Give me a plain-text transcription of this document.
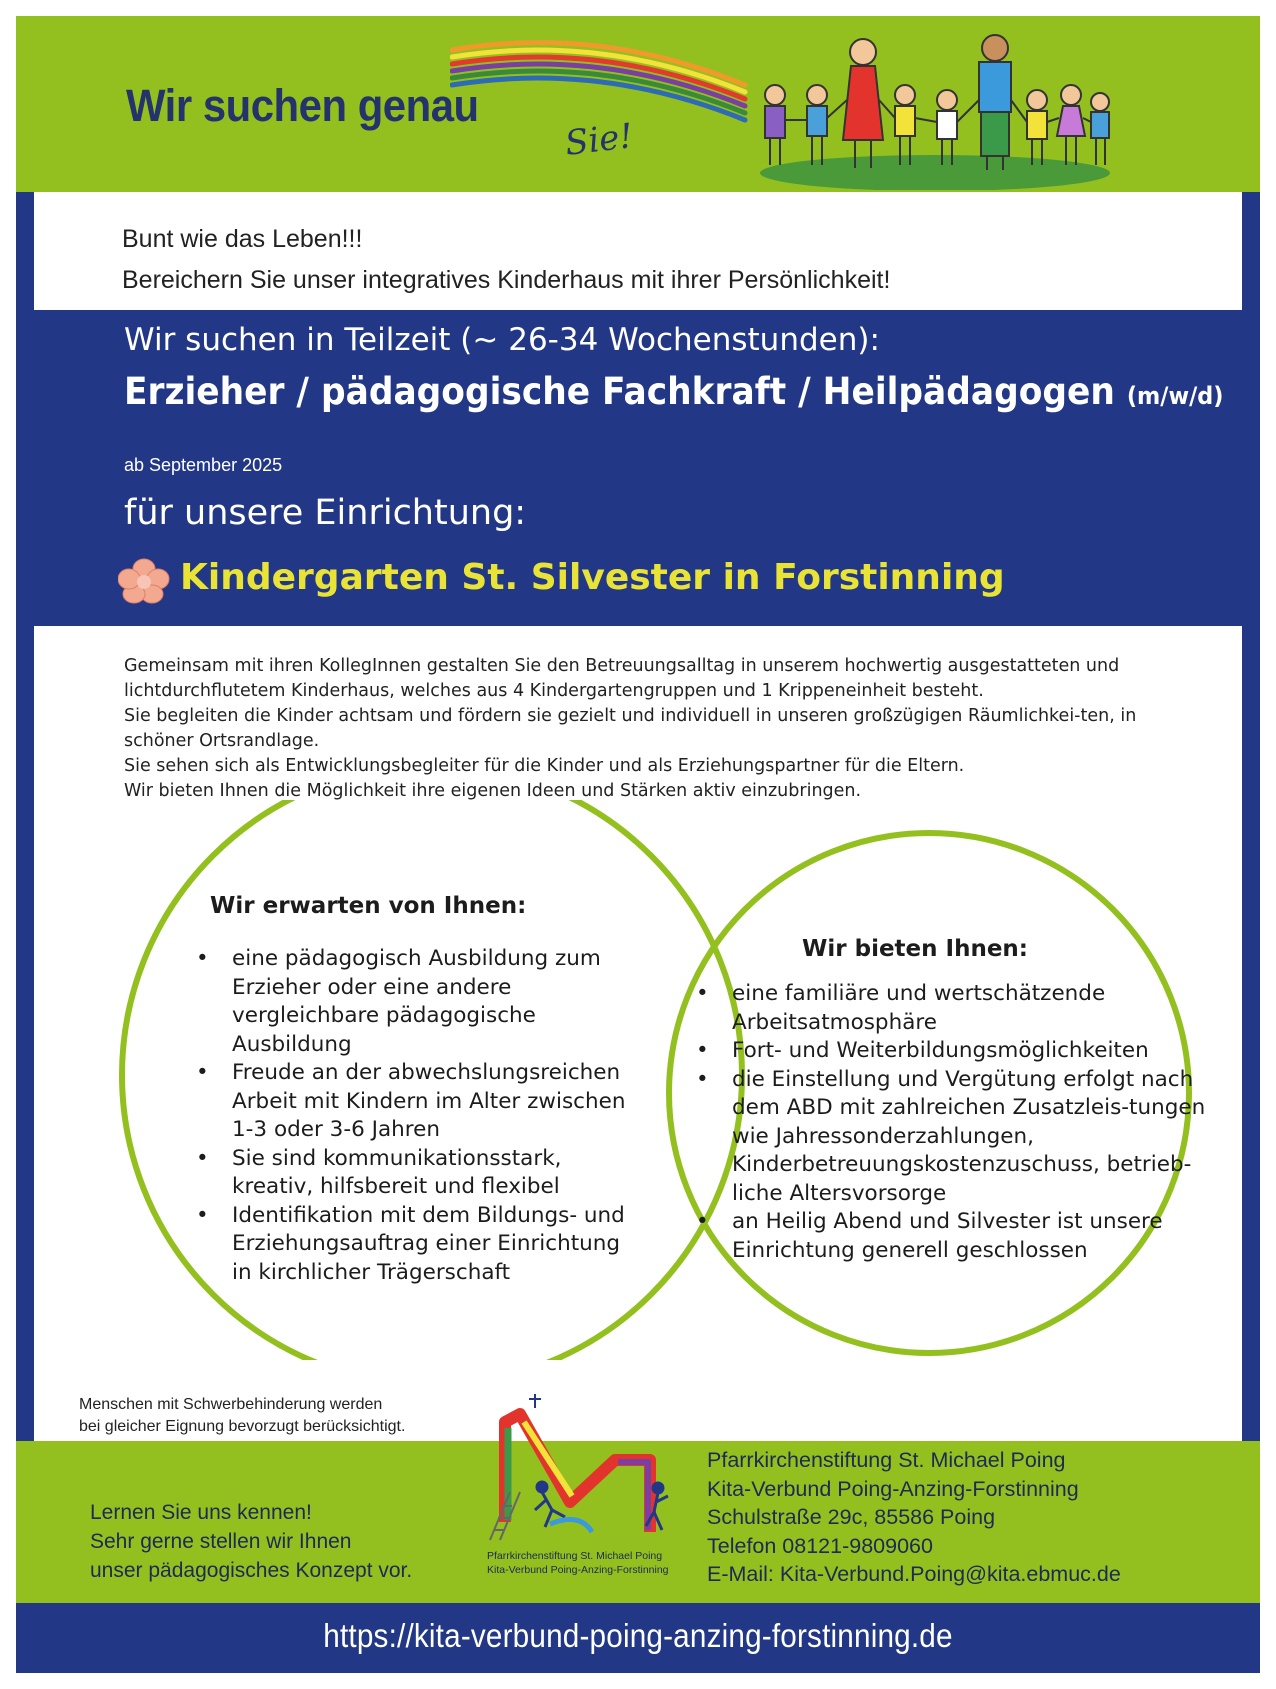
Wir suchen genau
Sie!
Bunt wie das Leben!!!
Bereichern Sie unser integratives Kinderhaus mit ihrer Persönlichkeit!
Wir suchen in Teilzeit (~ 26-34 Wochenstunden):
Erzieher / pädagogische Fachkraft / Heilpädagogen (m/w/d)
ab September 2025
für unsere Einrichtung:
Kindergarten St. Silvester in Forstinning

Gemeinsam mit ihren KollegInnen gestalten Sie den Betreuungsalltag in unserem hochwertig ausgestatteten und lichtdurchflutetem Kinderhaus, welches aus 4 Kindergartengruppen und 1 Krippeneinheit besteht.

Sie begleiten die Kinder achtsam und fördern sie gezielt und individuell in unseren großzügigen Räumlichkei-ten, in schöner Ortsrandlage.

Sie sehen sich als Entwicklungsbegleiter für die Kinder und als Erziehungspartner für die Eltern.

Wir bieten Ihnen die Möglichkeit ihre eigenen Ideen und Stärken aktiv einzubringen.

Wir erwarten von Ihnen:
• eine pädagogisch Ausbildung zum Erzieher oder eine andere vergleichbare pädagogische Ausbildung
• Freude an der abwechslungsreichen Arbeit mit Kindern im Alter zwischen 1-3 oder 3-6 Jahren
• Sie sind kommunikationsstark, kreativ, hilfsbereit und flexibel
• Identifikation mit dem Bildungs- und Erziehungsauftrag einer Einrichtung in kirchlicher Trägerschaft
Wir bieten Ihnen:
• eine familiäre und wertschätzende Arbeitsatmosphäre
• Fort- und Weiterbildungsmöglichkeiten
• die Einstellung und Vergütung erfolgt nach dem ABD mit zahlreichen Zusatzleis-tungen wie Jahressonderzahlungen, Kinderbetreuungskostenzuschuss, betrieb-liche Altersvorsorge
• an Heilig Abend und Silvester ist unsere Einrichtung generell geschlossen
Menschen mit Schwerbehinderung werden
bei gleicher Eignung bevorzugt berücksichtigt.
Lernen Sie uns kennen!
Sehr gerne stellen wir Ihnen
unser pädagogisches Konzept vor.
Pfarrkirchenstiftung St. Michael Poing
Kita-Verbund Poing-Anzing-Forstinning
Pfarrkirchenstiftung St. Michael Poing
Kita-Verbund Poing-Anzing-Forstinning
Schulstraße 29c, 85586 Poing
Telefon 08121-9809060
E-Mail: Kita-Verbund.Poing@kita.ebmuc.de
https://kita-verbund-poing-anzing-forstinning.de
